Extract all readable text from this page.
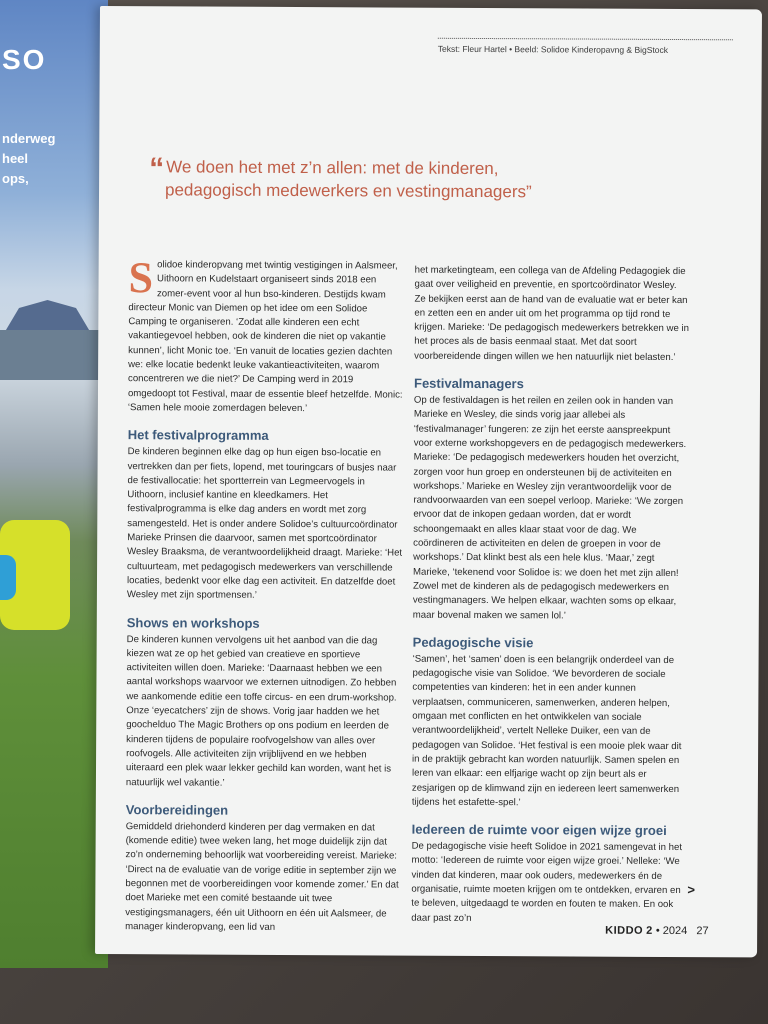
SO
nderweg
heel
ops,
Tekst: Fleur Hartel • Beeld: Solidoe Kinderopavng & BigStock
“ We doen het met z’n allen: met de kinderen,
pedagogisch medewerkers en vestingmanagers”

Solidoe kinderopvang met twintig vestigingen in Aalsmeer, Uithoorn en Kudelstaart organiseert sinds 2018 een zomer-event voor al hun bso-kinderen. Destijds kwam directeur Monic van Diemen op het idee om een Solidoe Camping te organiseren. ‘Zodat alle kinderen een echt vakantiegevoel hebben, ook de kinderen die niet op vakantie kunnen’, licht Monic toe. ‘En vanuit de locaties gezien dachten we: elke locatie bedenkt leuke vakantieactiviteiten, waarom concentreren we die niet?’ De Camping werd in 2019 omgedoopt tot Festival, maar de essentie bleef hetzelfde. Monic: ‘Samen hele mooie zomerdagen beleven.’

Het festivalprogramma

De kinderen beginnen elke dag op hun eigen bso-locatie en vertrekken dan per fiets, lopend, met touringcars of busjes naar de festivallocatie: het sportterrein van Legmeervogels in Uithoorn, inclusief kantine en kleedkamers. Het festivalprogramma is elke dag anders en wordt met zorg samengesteld. Het is onder andere Solidoe’s cultuurcoördinator Marieke Prinsen die daarvoor, samen met sportcoördinator Wesley Braaksma, de verantwoordelijkheid draagt. Marieke: ‘Het cultuurteam, met pedagogisch medewerkers van verschillende locaties, bedenkt voor elke dag een activiteit. En datzelfde doet Wesley met zijn sportmensen.’

Shows en workshops

De kinderen kunnen vervolgens uit het aanbod van die dag kiezen wat ze op het gebied van creatieve en sportieve activiteiten willen doen. Marieke: ‘Daarnaast hebben we een aantal workshops waarvoor we externen uitnodigen. Zo hebben we aankomende editie een toffe circus- en een drum-workshop. Onze ‘eyecatchers’ zijn de shows. Vorig jaar hadden we het goochelduo The Magic Brothers op ons podium en leerden de kinderen tijdens de populaire roofvogelshow van alles over roofvogels. Alle activiteiten zijn vrijblijvend en we hebben uiteraard een plek waar lekker gechild kan worden, want het is natuurlijk wel vakantie.’

Voorbereidingen

Gemiddeld driehonderd kinderen per dag vermaken en dat (komende editie) twee weken lang, het moge duidelijk zijn dat zo’n onderneming behoorlijk wat voorbereiding vereist. Marieke: ‘Direct na de evaluatie van de vorige editie in september zijn we begonnen met de voorbereidingen voor komende zomer.’ En dat doet Marieke met een comité bestaande uit twee vestigingsmanagers, één uit Uithoorn en één uit Aalsmeer, de manager kinderopvang, een lid van

het marketingteam, een collega van de Afdeling Pedagogiek die gaat over veiligheid en preventie, en sportcoördinator Wesley. Ze bekijken eerst aan de hand van de evaluatie wat er beter kan en zetten een en ander uit om het programma op tijd rond te krijgen. Marieke: ‘De pedagogisch medewerkers betrekken we in het proces als de basis eenmaal staat. Met dat soort voorbereidende dingen willen we hen natuurlijk niet belasten.’

Festivalmanagers

Op de festivaldagen is het reilen en zeilen ook in handen van Marieke en Wesley, die sinds vorig jaar allebei als ‘festivalmanager’ fungeren: ze zijn het eerste aanspreekpunt voor externe workshopgevers en de pedagogisch medewerkers. Marieke: ‘De pedagogisch medewerkers houden het overzicht, zorgen voor hun groep en ondersteunen bij de activiteiten en workshops.’ Marieke en Wesley zijn verantwoordelijk voor de randvoorwaarden van een soepel verloop. Marieke: ‘We zorgen ervoor dat de inkopen gedaan worden, dat er wordt schoongemaakt en alles klaar staat voor de dag. We coördineren de activiteiten en delen de groepen in voor de workshops.’ Dat klinkt best als een hele klus. ‘Maar,’ zegt Marieke, ‘tekenend voor Solidoe is: we doen het met zijn allen! Zowel met de kinderen als de pedagogisch medewerkers en vestingmanagers. We helpen elkaar, wachten soms op elkaar, maar bovenal maken we samen lol.’

Pedagogische visie

‘Samen’, het ‘samen’ doen is een belangrijk onderdeel van de pedagogische visie van Solidoe. ‘We bevorderen de sociale competenties van kinderen: het in een ander kunnen verplaatsen, communiceren, samenwerken, anderen helpen, omgaan met conflicten en het ontwikkelen van sociale verantwoordelijkheid’, vertelt Nelleke Duiker, een van de pedagogen van Solidoe. ‘Het festival is een mooie plek waar dit in de praktijk gebracht kan worden natuurlijk. Samen spelen en leren van elkaar: een elfjarige wacht op zijn beurt als er zesjarigen op de klimwand zijn en iedereen leert samenwerken tijdens het estafette-spel.’

Iedereen de ruimte voor eigen wijze groei

De pedagogische visie heeft Solidoe in 2021 samengevat in het motto: ‘Iedereen de ruimte voor eigen wijze groei.’ Nelleke: ‘We vinden dat kinderen, maar ook ouders, medewerkers én de organisatie, ruimte moeten krijgen om te ontdekken, ervaren en te beleven, uitgedaagd te worden en fouten te maken. En ook daar past zo’n

>
KIDDO 2 • 2024 27
